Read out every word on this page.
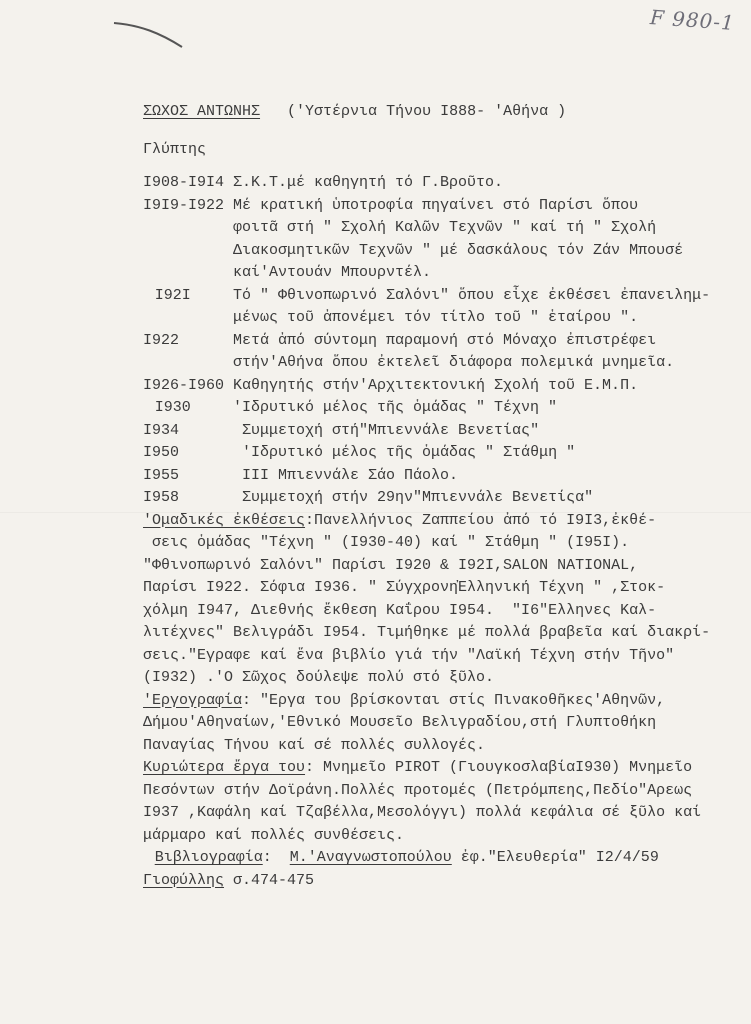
F 980-1
ΣΩΧΟΣ ΑΝΤΩΝΗΣ ('Υστέρνια Τήνου I888- 'Αθήνα )
Γλύπτης
I908-I9I4 Σ.Κ.Τ.μέ καθηγητή τό Γ.Βροῦτο.
I9I9-I922 Μέ κρατική ὑποτροφία πηγαίνει στό Παρίσι ὅπου
φοιτᾶ στή " Σχολή Καλῶν Τεχνῶν " καί τή " Σχολή
Διακοσμητικῶν Τεχνῶν " μέ δασκάλους τόν Ζάν Μπουσέ
καί'Αντουάν Μπουρντέλ.
I92I	Τό " Φθινοπωρινό Σαλόνι" ὅπου εἶχε ἐκθέσει ἐπανειλημ-
μένως τοῦ ἀπονέμει τόν τίτλο τοῦ " ἑταίρου ".
I922	Μετά ἀπό σύντομη παραμονή στό Μόναχο ἐπιστρέφει
στήν'Αθήνα ὅπου ἐκτελεῖ διάφορα πολεμικά μνημεῖα.
I926-I960 Καθηγητής στήν'Αρχιτεκτονική Σχολή τοῦ Ε.Μ.Π.
I930	'Ιδρυτικό μέλος τῆς ὁμάδας " Τέχνη "
I934	Συμμετοχή στή"Μπιεννάλε Βενετίας"
I950	'Ιδρυτικό μέλος τῆς ὁμάδας " Στάθμη "
I955	III Μπιεννάλε Σάο Πάολο.
I958	Συμμετοχή στήν 29ην"Μπιεννάλε Βενετίςα"
'Ομαδικές ἐκθέσεις:Πανελλήνιος Ζαππείου ἀπό τό I9I3,ἐκθέ-
σεις ὁμάδας "Τέχνη " (I930-40) καί " Στάθμη " (I95I).
"Φθινοπωρινό Σαλόνι" Παρίσι I920 & I92I,SALON NATIONAL,
Παρίσι I922. Σόφια I936. " ΣύγχρονηἘλληνική Τέχνη " ,Στοκ-
χόλμη I947, Διεθνής ἔκθεση Καΐρου I954.  "I6"Ελληνες Καλ-
λιτέχνες" Βελιγράδι I954. Τιμήθηκε μέ πολλά βραβεῖα καί διακρί-
σεις."Εγραφε καί ἕνα βιβλίο γιά τήν "Λαϊκή Τέχνη στήν Τῆνο"
(I932) .'Ο Σῶχος δούλεψε πολύ στό ξῦλο.
'Εργογραφία: "Εργα του βρίσκονται στίς Πινακοθῆκες'Αθηνῶν,
Δήμου'Αθηναίων,'Εθνικό Μουσεῖο Βελιγραδίου,στή Γλυπτοθήκη
Παναγίας Τήνου καί σέ πολλές συλλογές.
Κυριώτερα ἔργα του: Μνημεῖο PIROT (ΓιουγκοσλαβίαI930) Μνημεῖο
Πεσόντων στήν Δοϊράνη.Πολλές προτομές (Πετρόμπεης,Πεδίο"Αρεως
I937 ,Καφάλη καί Τζαβέλλα,Μεσολόγγι) πολλά κεφάλια σέ ξῦλο καί
μάρμαρο καί πολλές συνθέσεις.
Βιβλιογραφία:  Μ.'Αναγνωστοπούλου ἐφ."Ελευθερία" I2/4/59
Γιοφύλλης σ.474-475
